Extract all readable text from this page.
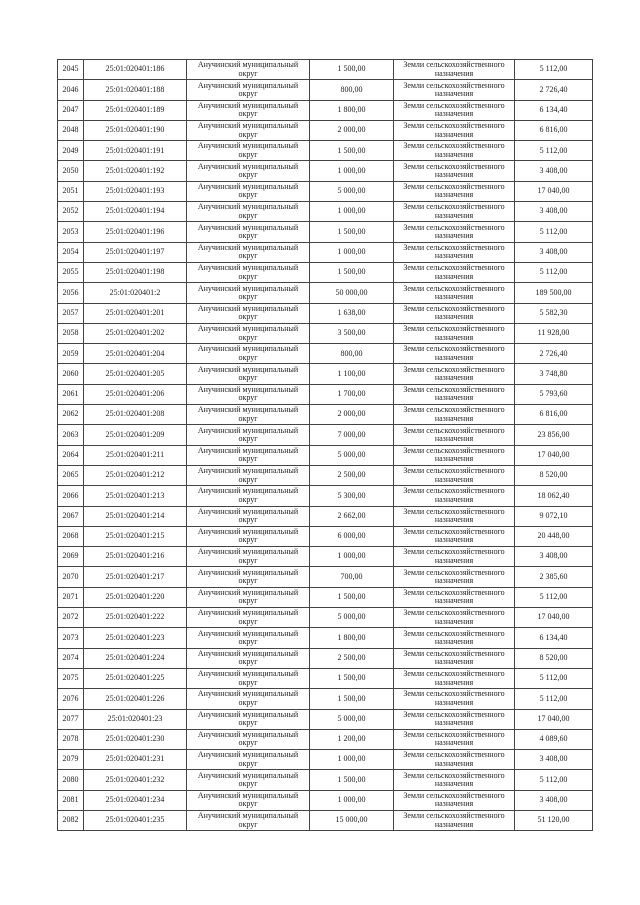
2045	25:01:020401:186	Анучинский муниципальный
округ	1 500,00	Земли сельскохозяйственного
назначения	5 112,00
2046	25:01:020401:188	Анучинский муниципальный
округ	800,00	Земли сельскохозяйственного
назначения	2 726,40
2047	25:01:020401:189	Анучинский муниципальный
округ	1 800,00	Земли сельскохозяйственного
назначения	6 134,40
2048	25:01:020401:190	Анучинский муниципальный
округ	2 000,00	Земли сельскохозяйственного
назначения	6 816,00
2049	25:01:020401:191	Анучинский муниципальный
округ	1 500,00	Земли сельскохозяйственного
назначения	5 112,00
2050	25:01:020401:192	Анучинский муниципальный
округ	1 000,00	Земли сельскохозяйственного
назначения	3 408,00
2051	25:01:020401:193	Анучинский муниципальный
округ	5 000,00	Земли сельскохозяйственного
назначения	17 040,00
2052	25:01:020401:194	Анучинский муниципальный
округ	1 000,00	Земли сельскохозяйственного
назначения	3 408,00
2053	25:01:020401:196	Анучинский муниципальный
округ	1 500,00	Земли сельскохозяйственного
назначения	5 112,00
2054	25:01:020401:197	Анучинский муниципальный
округ	1 000,00	Земли сельскохозяйственного
назначения	3 408,00
2055	25:01:020401:198	Анучинский муниципальный
округ	1 500,00	Земли сельскохозяйственного
назначения	5 112,00
2056	25:01:020401:2	Анучинский муниципальный
округ	50 000,00	Земли сельскохозяйственного
назначения	189 500,00
2057	25:01:020401:201	Анучинский муниципальный
округ	1 638,00	Земли сельскохозяйственного
назначения	5 582,30
2058	25:01:020401:202	Анучинский муниципальный
округ	3 500,00	Земли сельскохозяйственного
назначения	11 928,00
2059	25:01:020401:204	Анучинский муниципальный
округ	800,00	Земли сельскохозяйственного
назначения	2 726,40
2060	25:01:020401:205	Анучинский муниципальный
округ	1 100,00	Земли сельскохозяйственного
назначения	3 748,80
2061	25:01:020401:206	Анучинский муниципальный
округ	1 700,00	Земли сельскохозяйственного
назначения	5 793,60
2062	25:01:020401:208	Анучинский муниципальный
округ	2 000,00	Земли сельскохозяйственного
назначения	6 816,00
2063	25:01:020401:209	Анучинский муниципальный
округ	7 000,00	Земли сельскохозяйственного
назначения	23 856,00
2064	25:01:020401:211	Анучинский муниципальный
округ	5 000,00	Земли сельскохозяйственного
назначения	17 040,00
2065	25:01:020401:212	Анучинский муниципальный
округ	2 500,00	Земли сельскохозяйственного
назначения	8 520,00
2066	25:01:020401:213	Анучинский муниципальный
округ	5 300,00	Земли сельскохозяйственного
назначения	18 062,40
2067	25:01:020401:214	Анучинский муниципальный
округ	2 662,00	Земли сельскохозяйственного
назначения	9 072,10
2068	25:01:020401:215	Анучинский муниципальный
округ	6 000,00	Земли сельскохозяйственного
назначения	20 448,00
2069	25:01:020401:216	Анучинский муниципальный
округ	1 000,00	Земли сельскохозяйственного
назначения	3 408,00
2070	25:01:020401:217	Анучинский муниципальный
округ	700,00	Земли сельскохозяйственного
назначения	2 385,60
2071	25:01:020401:220	Анучинский муниципальный
округ	1 500,00	Земли сельскохозяйственного
назначения	5 112,00
2072	25:01:020401:222	Анучинский муниципальный
округ	5 000,00	Земли сельскохозяйственного
назначения	17 040,00
2073	25:01:020401:223	Анучинский муниципальный
округ	1 800,00	Земли сельскохозяйственного
назначения	6 134,40
2074	25:01:020401:224	Анучинский муниципальный
округ	2 500,00	Земли сельскохозяйственного
назначения	8 520,00
2075	25:01:020401:225	Анучинский муниципальный
округ	1 500,00	Земли сельскохозяйственного
назначения	5 112,00
2076	25:01:020401:226	Анучинский муниципальный
округ	1 500,00	Земли сельскохозяйственного
назначения	5 112,00
2077	25:01:020401:23	Анучинский муниципальный
округ	5 000,00	Земли сельскохозяйственного
назначения	17 040,00
2078	25:01:020401:230	Анучинский муниципальный
округ	1 200,00	Земли сельскохозяйственного
назначения	4 089,60
2079	25:01:020401:231	Анучинский муниципальный
округ	1 000,00	Земли сельскохозяйственного
назначения	3 408,00
2080	25:01:020401:232	Анучинский муниципальный
округ	1 500,00	Земли сельскохозяйственного
назначения	5 112,00
2081	25:01:020401:234	Анучинский муниципальный
округ	1 000,00	Земли сельскохозяйственного
назначения	3 408,00
2082	25:01:020401:235	Анучинский муниципальный
округ	15 000,00	Земли сельскохозяйственного
назначения	51 120,00
